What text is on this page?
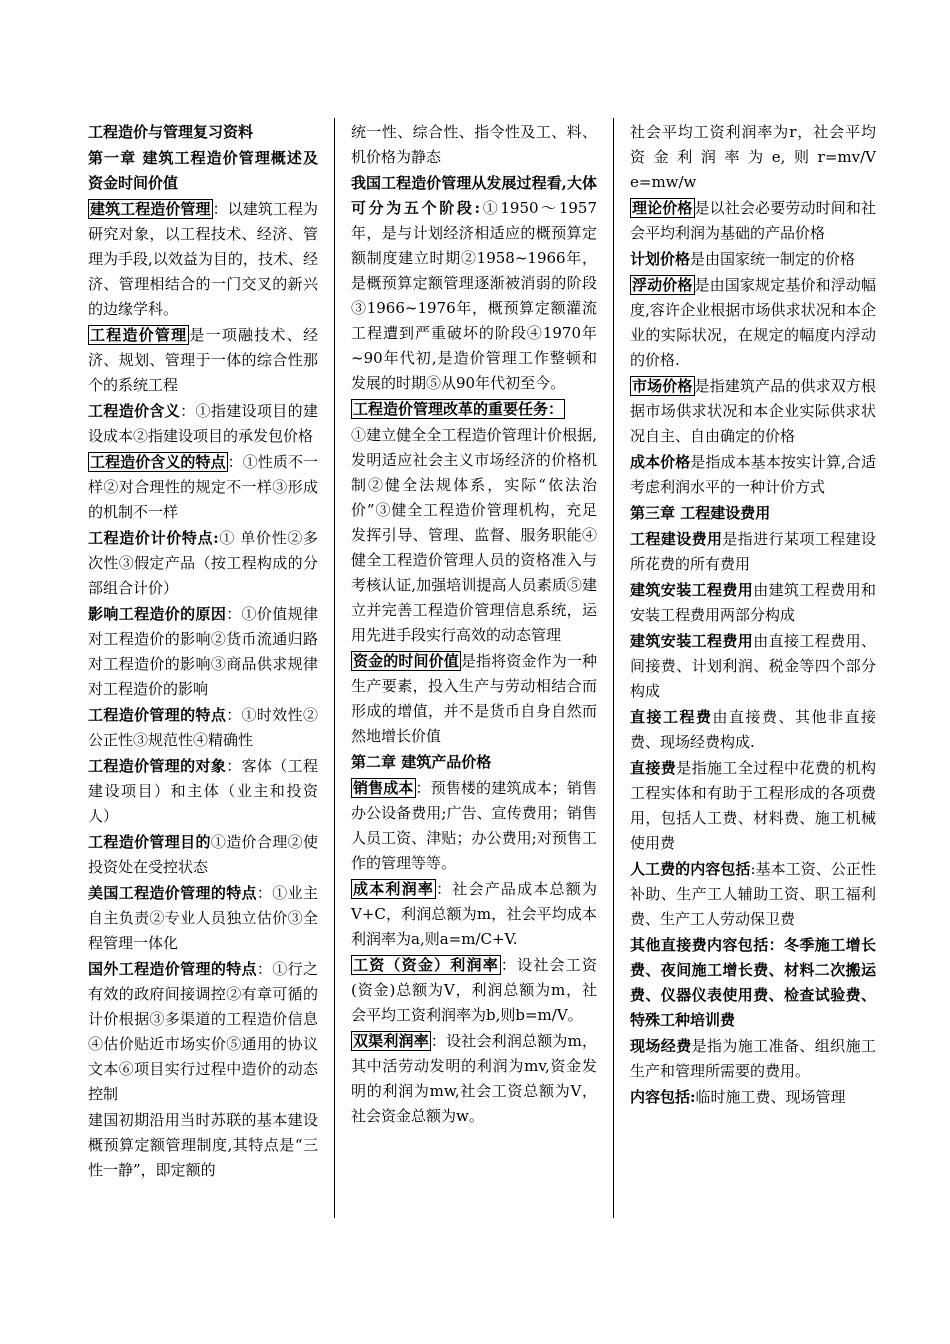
工程造价与管理复习资料
第一章 建筑工程造价管理概述及资金时间价值
建筑工程造价管理 ：以建筑工程为研究对象，以工程技术、经济、管理为手段,以效益为目的，技术、经济、管理相结合的一门交叉的新兴的边缘学科。
工程造价管理 是一项融技术、经济、规划、管理于一体的综合性那个的系统工程
工程造价含义：①指建设项目的建设成本②指建设项目的承发包价格
工程造价含义的特点 ：①性质不一样②对合理性的规定不一样③形成的机制不一样
工程造价计价特点:① 单价性②多次性③假定产品（按工程构成的分部组合计价）
影响工程造价的原因：①价值规律对工程造价的影响②货币流通归路对工程造价的影响③商品供求规律对工程造价的影响
工程造价管理的特点：①时效性②公正性③规范性④精确性
工程造价管理的对象：客体（工程建设项目）和主体（业主和投资人）
工程造价管理目的①造价合理②使投资处在受控状态
美国工程造价管理的特点：①业主自主负责②专业人员独立估价③全程管理一体化
国外工程造价管理的特点：①行之有效的政府间接调控②有章可循的计价根据③多渠道的工程造价信息④估价贴近市场实价⑤通用的协议文本⑥项目实行过程中造价的动态控制
建国初期沿用当时苏联的基本建设概预算定额管理制度,其特点是“三性一静”，即定额的
统一性、综合性、指令性及工、料、机价格为静态
我国工程造价管理从发展过程看,大体可分为五个阶段:①1950～1957年，是与计划经济相适应的概预算定额制度建立时期②1958~1966年，是概预算定额管理逐渐被消弱的阶段③1966~1976年，概预算定额灌流工程遭到严重破坏的阶段④1970年~90年代初,是造价管理工作整顿和发展的时期⑤从90年代初至今。
工程造价管理改革的重要任务：
①建立健全全工程造价管理计价根据,发明适应社会主义市场经济的价格机制②健全法规体系，实际“依法治价”③健全工程造价管理机构，充足发挥引导、管理、监督、服务职能④健全工程造价管理人员的资格准入与考核认证,加强培训提高人员素质⑤建立并完善工程造价管理信息系统，运用先进手段实行高效的动态管理
资金的时间价值 是指将资金作为一种生产要素，投入生产与劳动相结合而形成的增值，并不是货币自身自然而然地增长价值
第二章 建筑产品价格
销售成本 ：预售楼的建筑成本；销售办公设备费用;广告、宣传费用；销售人员工资、津贴；办公费用;对预售工作的管理等等。
成本利润率 ：社会产品成本总额为V+C，利润总额为m，社会平均成本利润率为a,则a=m/C+V.
工资（资金）利润率 ：设社会工资(资金)总额为V，利润总额为m，社会平均工资利润率为b,则b=m/V。
双渠利润率 ：设社会利润总额为m，其中活劳动发明的利润为mv,资金发明的利润为mw,社会工资总额为V，社会资金总额为w。
社会平均工资利润率为r，社会平均资金利润率为e,则r=mv/V e=mw/w
理论价格 是以社会必要劳动时间和社会平均利润为基础的产品价格
计划价格是由国家统一制定的价格
浮动价格 是由国家规定基价和浮动幅度,容许企业根据市场供求状况和本企业的实际状况，在规定的幅度内浮动的价格.
市场价格 是指建筑产品的供求双方根据市场供求状况和本企业实际供求状况自主、自由确定的价格
成本价格是指成本基本按实计算,合适考虑利润水平的一种计价方式
第三章 工程建设费用
工程建设费用是指进行某项工程建设所花费的所有费用
建筑安装工程费用由建筑工程费用和安装工程费用两部分构成
建筑安装工程费用由直接工程费用、间接费、计划利润、税金等四个部分构成
直接工程费由直接费、其他非直接费、现场经费构成.
直接费是指施工全过程中花费的机构工程实体和有助于工程形成的各项费用，包括人工费、材料费、施工机械使用费
人工费的内容包括:基本工资、公正性补助、生产工人辅助工资、职工福利费、生产工人劳动保卫费
其他直接费内容包括：冬季施工增长费、夜间施工增长费、材料二次搬运费、仪器仪表使用费、检查试验费、特殊工种培训费
现场经费是指为施工准备、组织施工生产和管理所需要的费用。
内容包括:临时施工费、现场管理
